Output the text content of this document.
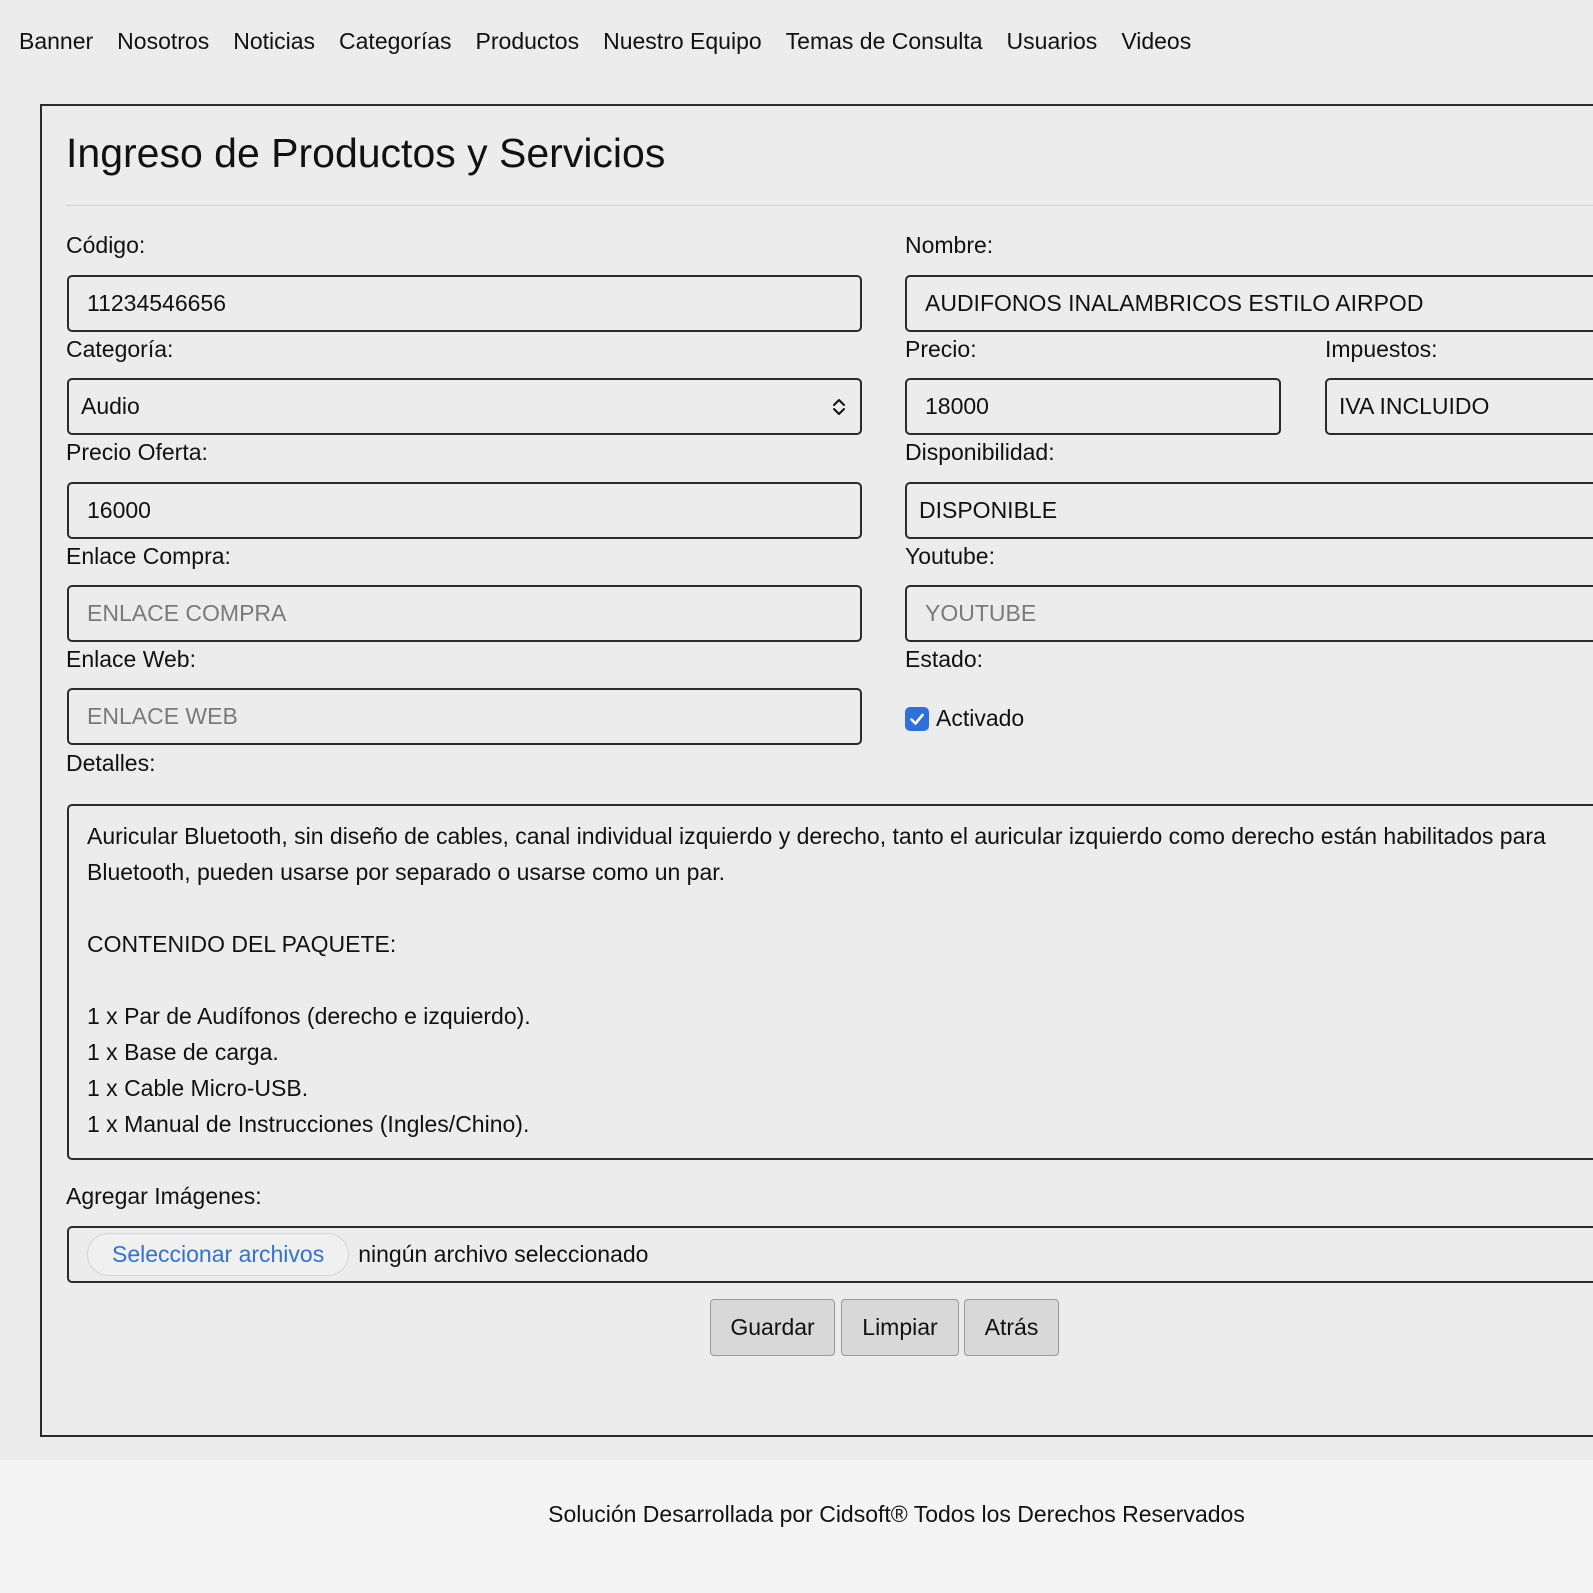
Banner Nosotros Noticias Categorías Productos Nuestro Equipo Temas de Consulta Usuarios Videos
Ingreso de Productos y Servicios
Código:
11234546656	Nombre:
AUDIFONOS INALAMBRICOS ESTILO AIRPOD
Categoría:
Audio
Precio:
18000	Impuestos:
IVA INCLUIDO
Precio Oferta:
16000	Disponibilidad:
DISPONIBLE
Enlace Compra:
ENLACE COMPRA	Youtube:
YOUTUBE
Enlace Web:
ENLACE WEB	Estado:
Activado
Detalles:
Auricular Bluetooth, sin diseño de cables, canal individual izquierdo y derecho, tanto el auricular izquierdo como derecho están habilitados para
Bluetooth, pueden usarse por separado o usarse como un par.
CONTENIDO DEL PAQUETE:
1 x Par de Audífonos (derecho e izquierdo).
1 x Base de carga.
1 x Cable Micro-USB.
1 x Manual de Instrucciones (Ingles/Chino).
Agregar Imágenes:
Seleccionar archivos	ningún archivo seleccionado
Guardar	Limpiar	Atrás
Solución Desarrollada por Cidsoft® Todos los Derechos Reservados
